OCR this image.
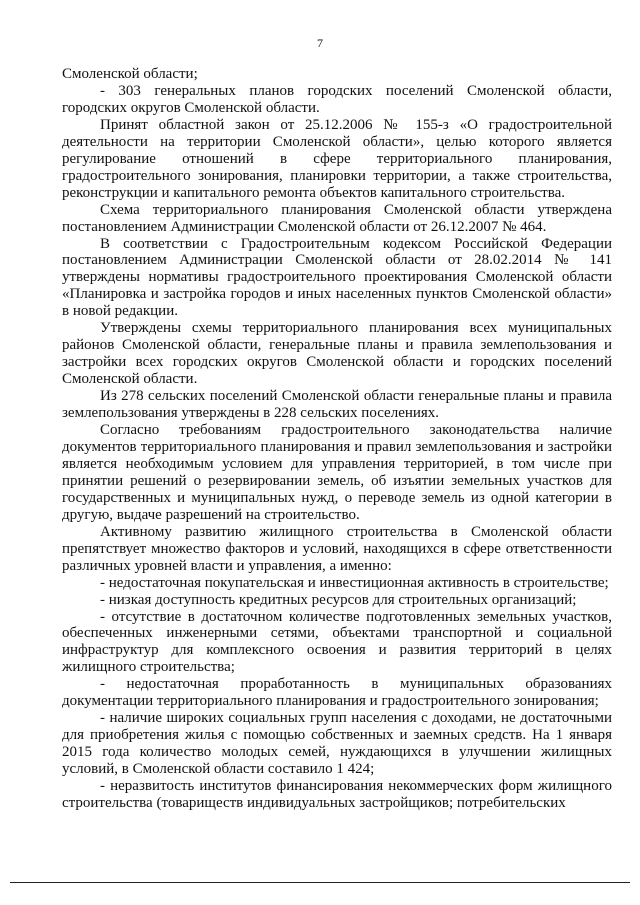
7

Смоленской области;

- 303 генеральных планов городских поселений Смоленской области, городских округов Смоленской области.

Принят областной закон от 25.12.2006 № 155-з «О градостроительной деятельности на территории Смоленской области», целью которого является регулирование отношений в сфере территориального планирования, градостроительного зонирования, планировки территории, а также строительства, реконструкции и капитального ремонта объектов капитального строительства.

Схема территориального планирования Смоленской области утверждена постановлением Администрации Смоленской области от 26.12.2007 № 464.

В соответствии с Градостроительным кодексом Российской Федерации постановлением Администрации Смоленской области от 28.02.2014 № 141 утверждены нормативы градостроительного проектирования Смоленской области «Планировка и застройка городов и иных населенных пунктов Смоленской области» в новой редакции.

Утверждены схемы территориального планирования всех муниципальных районов Смоленской области, генеральные планы и правила землепользования и застройки всех городских округов Смоленской области и городских поселений Смоленской области.

Из 278 сельских поселений Смоленской области генеральные планы и правила землепользования утверждены в 228 сельских поселениях.

Согласно требованиям градостроительного законодательства наличие документов территориального планирования и правил землепользования и застройки является необходимым условием для управления территорией, в том числе при принятии решений о резервировании земель, об изъятии земельных участков для государственных и муниципальных нужд, о переводе земель из одной категории в другую, выдаче разрешений на строительство.

Активному развитию жилищного строительства в Смоленской области препятствует множество факторов и условий, находящихся в сфере ответственности различных уровней власти и управления, а именно:

- недостаточная покупательская и инвестиционная активность в строительстве;

- низкая доступность кредитных ресурсов для строительных организаций;

- отсутствие в достаточном количестве подготовленных земельных участков, обеспеченных инженерными сетями, объектами транспортной и социальной инфраструктур для комплексного освоения и развития территорий в целях жилищного строительства;

- недостаточная проработанность в муниципальных образованиях документации территориального планирования и градостроительного зонирования;

- наличие широких социальных групп населения с доходами, не достаточными для приобретения жилья с помощью собственных и заемных средств. На 1 января 2015 года количество молодых семей, нуждающихся в улучшении жилищных условий, в Смоленской области составило 1 424;

- неразвитость институтов финансирования некоммерческих форм жилищного строительства (товариществ индивидуальных застройщиков; потребительских
